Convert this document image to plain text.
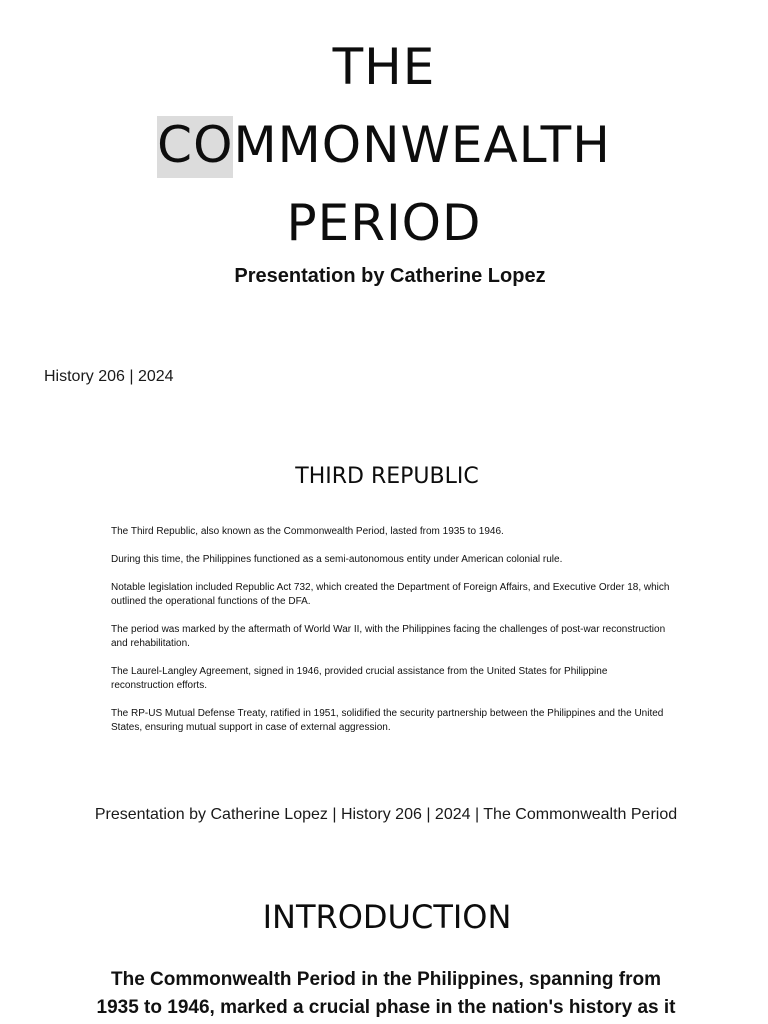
THE
COMMONWEALTH
PERIOD
Presentation by Catherine Lopez
History 206 | 2024
THIRD REPUBLIC

The Third Republic, also known as the Commonwealth Period, lasted from 1935 to 1946.

During this time, the Philippines functioned as a semi-autonomous entity under American colonial rule.

Notable legislation included Republic Act 732, which created the Department of Foreign Affairs, and Executive Order 18, which outlined the operational functions of the DFA.

The period was marked by the aftermath of World War II, with the Philippines facing the challenges of post-war reconstruction and rehabilitation.

The Laurel-Langley Agreement, signed in 1946, provided crucial assistance from the United States for Philippine reconstruction efforts.

The RP-US Mutual Defense Treaty, ratified in 1951, solidified the security partnership between the Philippines and the United States, ensuring mutual support in case of external aggression.

Presentation by Catherine Lopez | History 206 | 2024 | The Commonwealth Period
INTRODUCTION
The Commonwealth Period in the Philippines, spanning from 1935 to 1946, marked a crucial phase in the nation's history as it
